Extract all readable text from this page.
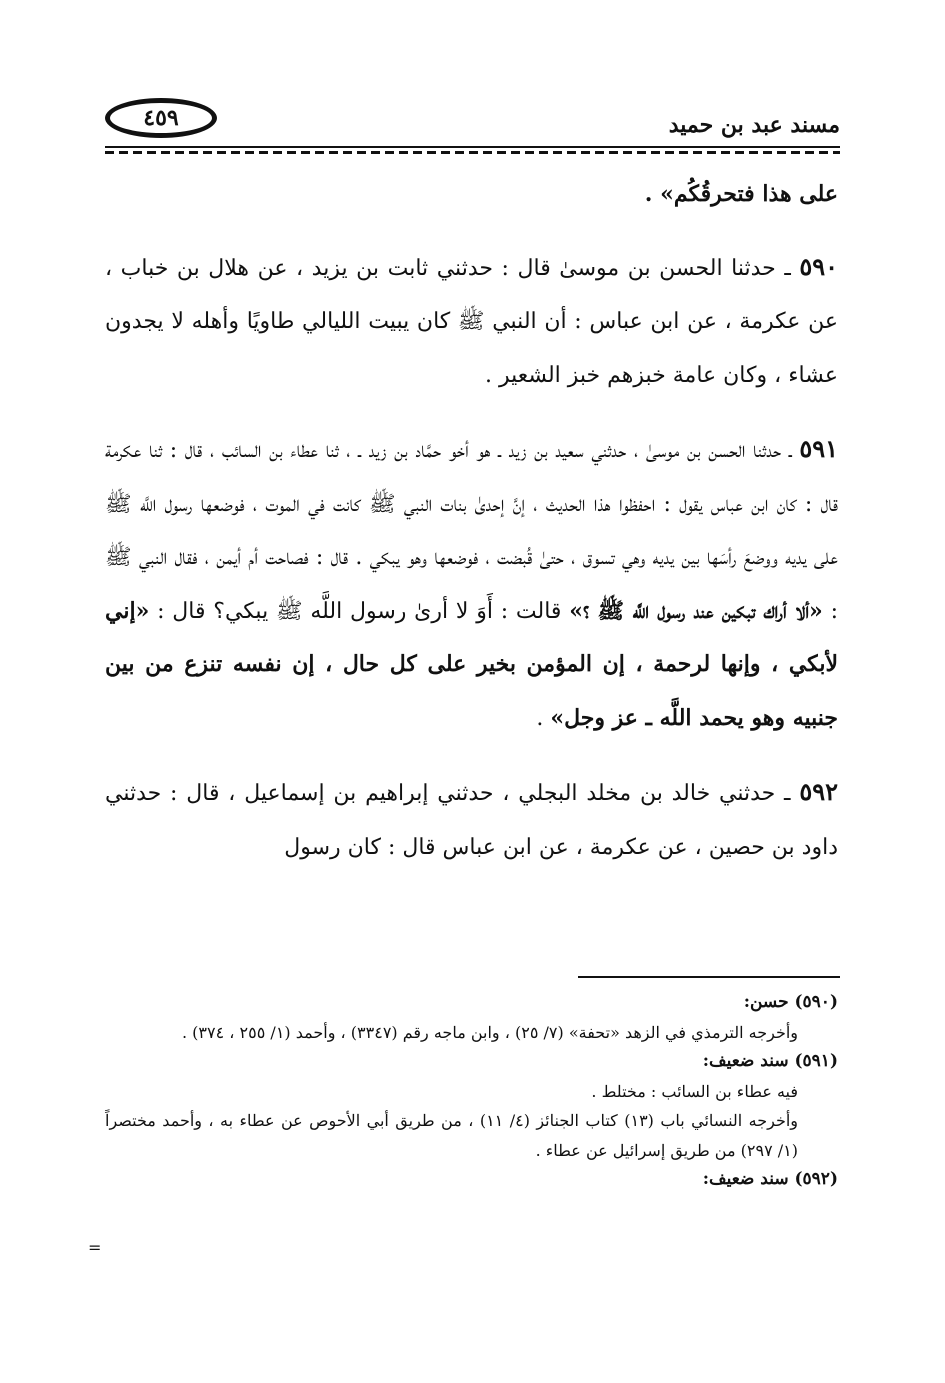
٤٥٩	مسند عبد بن حميد

على هذا فتحرقُكُم» .

٥٩٠ ـ حدثنا الحسن بن موسىٰ قال : حدثني ثابت بن يزيد ، عن هلال بن خباب ، عن عكرمة ، عن ابن عباس : أن النبي ﷺ كان يبيت الليالي طاويًا وأهله لا يجدون عشاء ، وكان عامة خبزهم خبز الشعير .

٥٩١ ـ حدثنا الحسن بن موسىٰ ، حدثني سعيد بن زيد ـ هو أخو حمَّاد بن زيد ـ ، ثنا عطاء بن السائب ، قال : ثنا عكرمة قال : كان ابن عباس يقول : احفظوا هذا الحديث ، إنَّ إحدىٰ بنات النبي ﷺ كانت في الموت ، فوضعها رسول اللَّه ﷺ على يديه ووضعَ رأسَها بين يديه وهي تسوق ، حتىٰ قُبضت ، فوضعها وهو يبكي . قال : فصاحت أم أيمن ، فقال النبي ﷺ : «ألا أراك تبكين عند رسول اللَّه ﷺ ؟» قالت : أَوَ لا أرىٰ رسول اللَّه ﷺ يبكي؟ قال : «إني لأبكي ، وإنها لرحمة ، إن المؤمن بخير على كل حال ، إن نفسه تنزع من بين جنبيه وهو يحمد اللَّه ـ عز وجل» .

٥٩٢ ـ حدثني خالد بن مخلد البجلي ، حدثني إبراهيم بن إسماعيل ، قال : حدثني داود بن حصين ، عن عكرمة ، عن ابن عباس قال : كان رسول

(٥٩٠) حسن:
وأخرجه الترمذي في الزهد «تحفة» (٧/ ٢٥) ، وابن ماجه رقم (٣٣٤٧) ، وأحمد (١/ ٢٥٥ ، ٣٧٤) .
(٥٩١) سند ضعيف:
فيه عطاء بن السائب : مختلط .
وأخرجه النسائي باب (١٣) كتاب الجنائز (٤/ ١١) ، من طريق أبي الأحوص عن عطاء به ، وأحمد مختصراً (١/ ٢٩٧) من طريق إسرائيل عن عطاء .
(٥٩٢) سند ضعيف:
=
